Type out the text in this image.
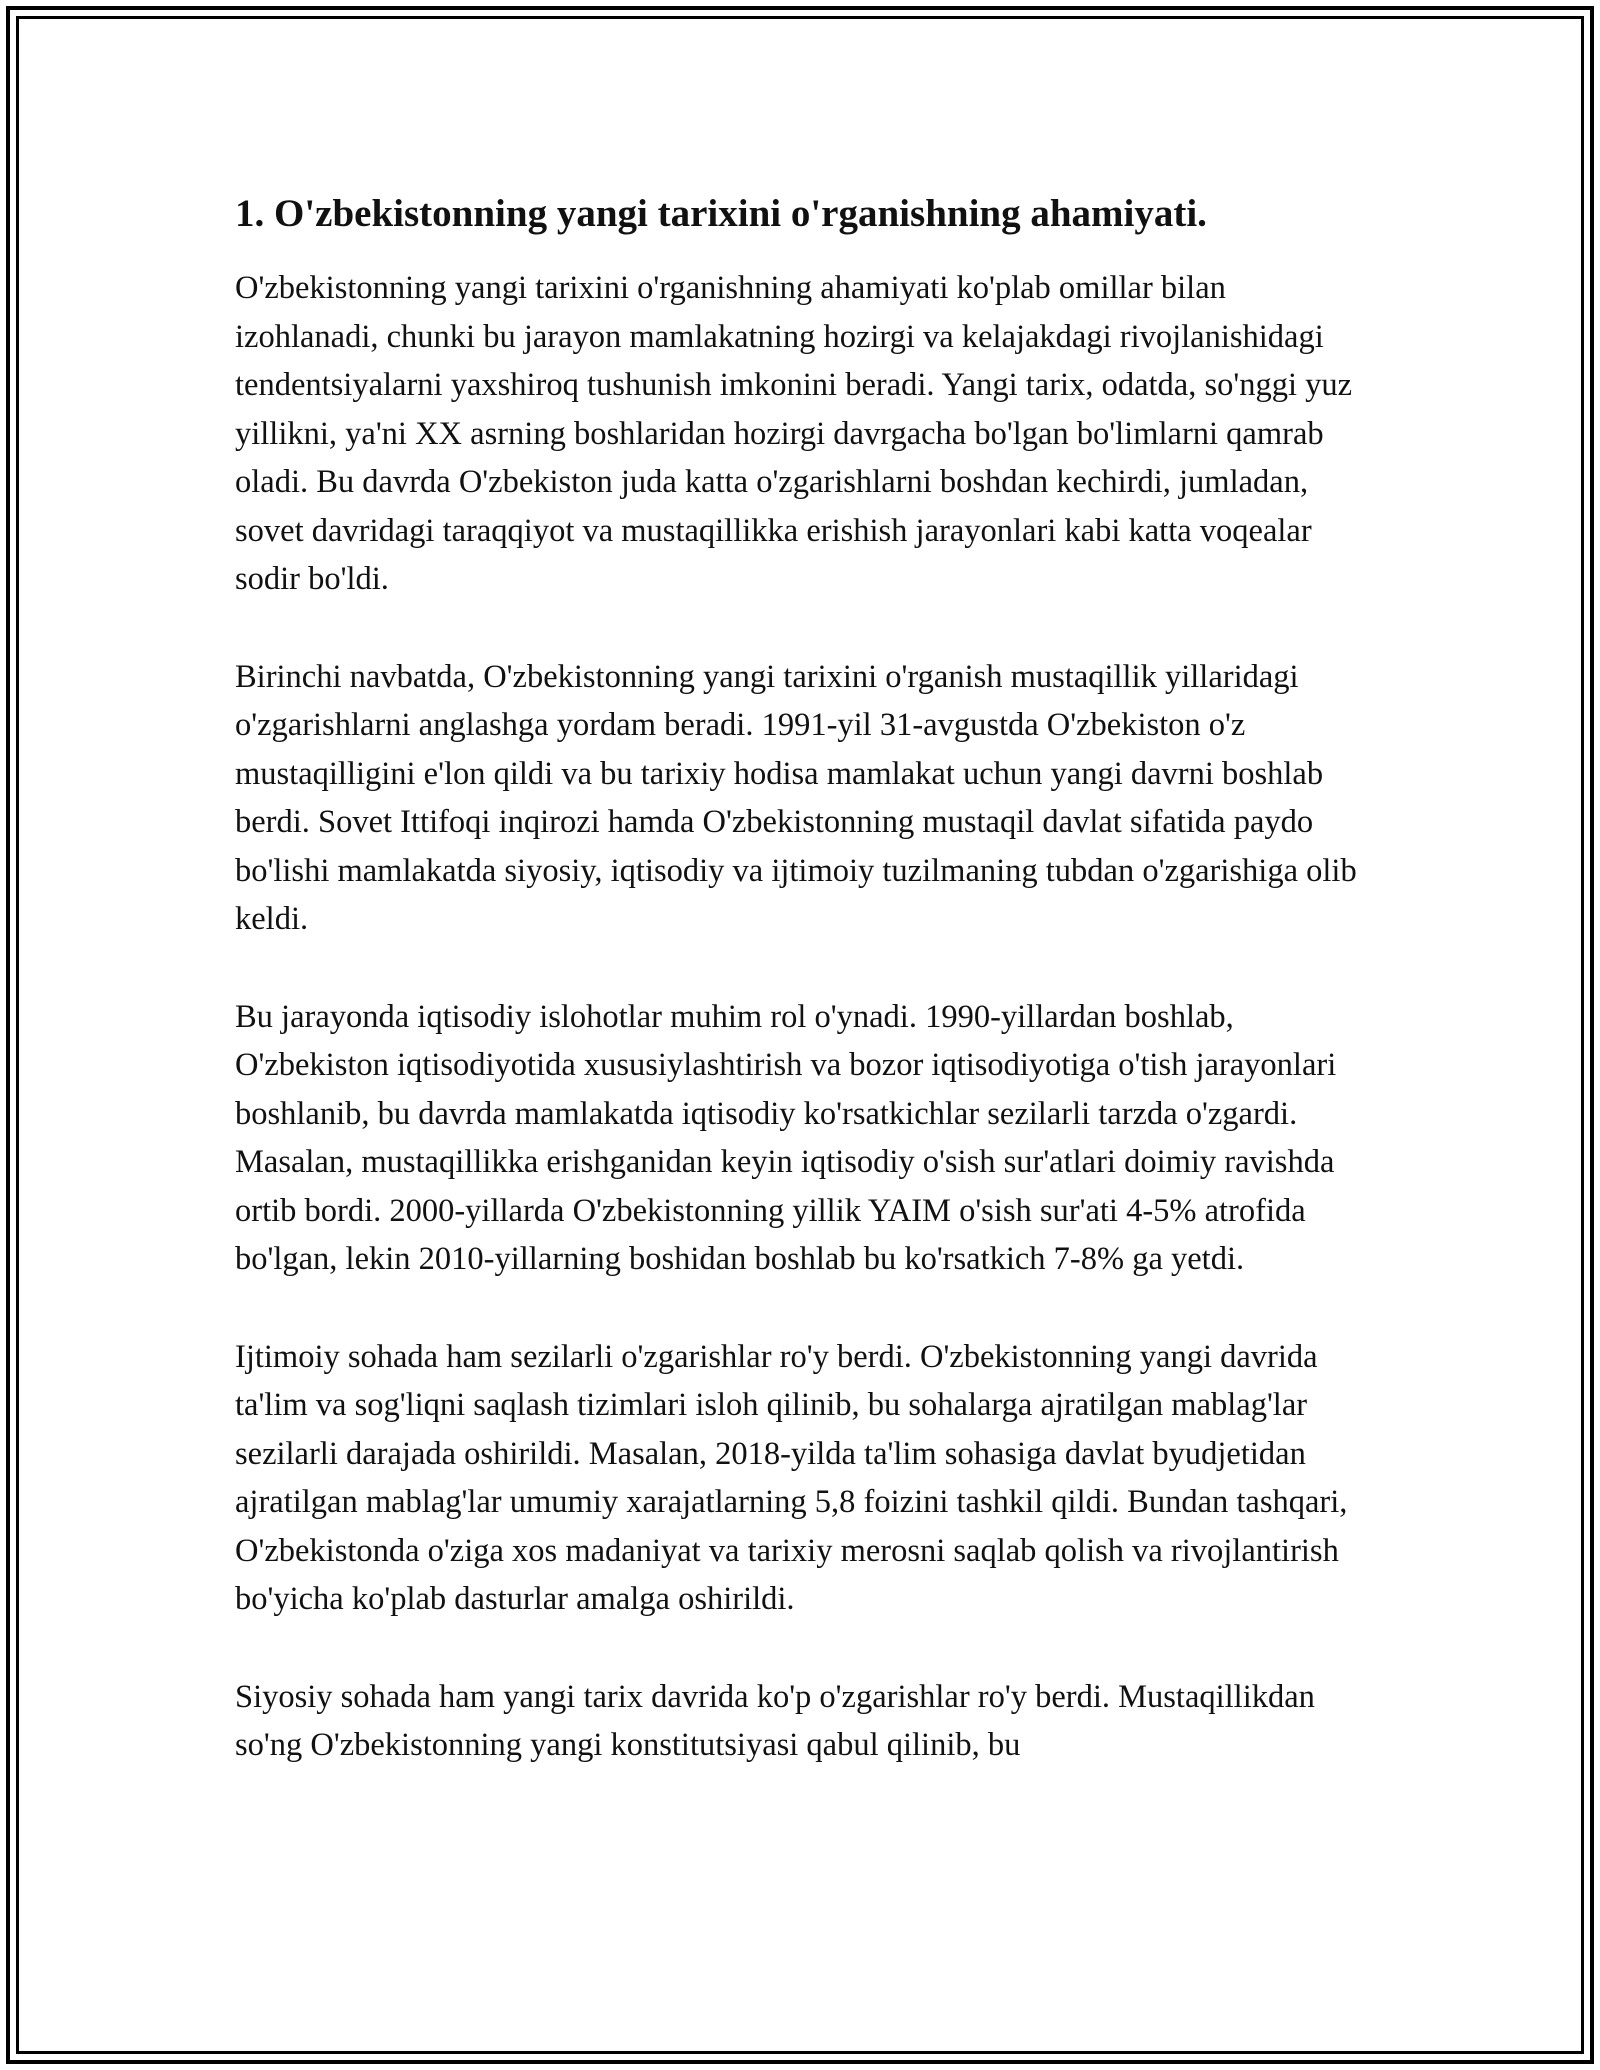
1. O'zbekistonning yangi tarixini o'rganishning ahamiyati.

O'zbekistonning yangi tarixini o'rganishning ahamiyati ko'plab omillar bilan izohlanadi, chunki bu jarayon mamlakatning hozirgi va kelajakdagi rivojlanishidagi tendentsiyalarni yaxshiroq tushunish imkonini beradi. Yangi tarix, odatda, so'nggi yuz yillikni, ya'ni XX asrning boshlaridan hozirgi davrgacha bo'lgan bo'limlarni qamrab oladi. Bu davrda O'zbekiston juda katta o'zgarishlarni boshdan kechirdi, jumladan, sovet davridagi taraqqiyot va mustaqillikka erishish jarayonlari kabi katta voqealar sodir bo'ldi.

Birinchi navbatda, O'zbekistonning yangi tarixini o'rganish mustaqillik yillaridagi o'zgarishlarni anglashga yordam beradi. 1991-yil 31-avgustda O'zbekiston o'z mustaqilligini e'lon qildi va bu tarixiy hodisa mamlakat uchun yangi davrni boshlab berdi. Sovet Ittifoqi inqirozi hamda O'zbekistonning mustaqil davlat sifatida paydo bo'lishi mamlakatda siyosiy, iqtisodiy va ijtimoiy tuzilmaning tubdan o'zgarishiga olib keldi.

Bu jarayonda iqtisodiy islohotlar muhim rol o'ynadi. 1990-yillardan boshlab, O'zbekiston iqtisodiyotida xususiylashtirish va bozor iqtisodiyotiga o'tish jarayonlari boshlanib, bu davrda mamlakatda iqtisodiy ko'rsatkichlar sezilarli tarzda o'zgardi. Masalan, mustaqillikka erishganidan keyin iqtisodiy o'sish sur'atlari doimiy ravishda ortib bordi. 2000-yillarda O'zbekistonning yillik YAIM o'sish sur'ati 4-5% atrofida bo'lgan, lekin 2010-yillarning boshidan boshlab bu ko'rsatkich 7-8% ga yetdi.

Ijtimoiy sohada ham sezilarli o'zgarishlar ro'y berdi. O'zbekistonning yangi davrida ta'lim va sog'liqni saqlash tizimlari isloh qilinib, bu sohalarga ajratilgan mablag'lar sezilarli darajada oshirildi. Masalan, 2018-yilda ta'lim sohasiga davlat byudjetidan ajratilgan mablag'lar umumiy xarajatlarning 5,8 foizini tashkil qildi. Bundan tashqari, O'zbekistonda o'ziga xos madaniyat va tarixiy merosni saqlab qolish va rivojlantirish bo'yicha ko'plab dasturlar amalga oshirildi.

Siyosiy sohada ham yangi tarix davrida ko'p o'zgarishlar ro'y berdi. Mustaqillikdan so'ng O'zbekistonning yangi konstitutsiyasi qabul qilinib, bu
